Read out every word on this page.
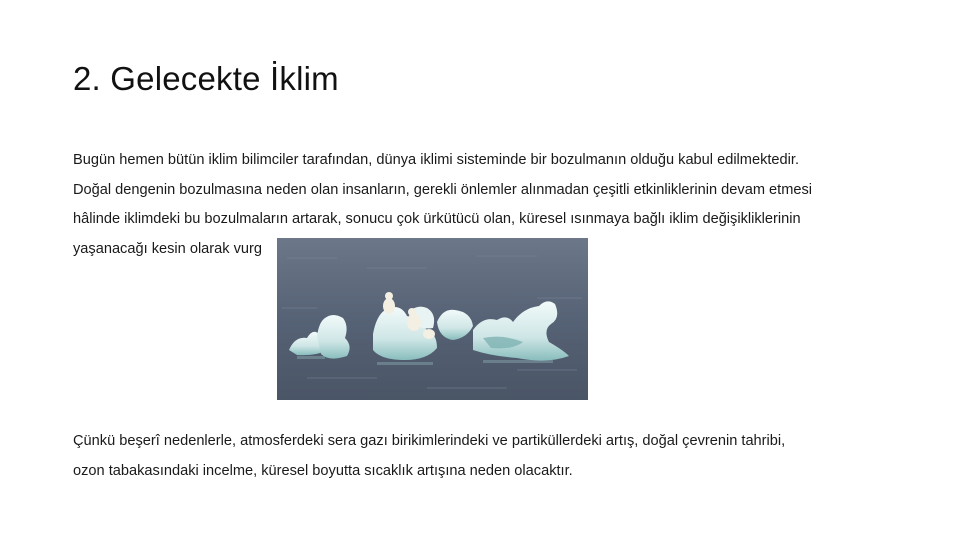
2. Gelecekte İklim
Bugün hemen bütün iklim bilimciler tarafından, dünya iklimi sisteminde bir bozulmanın olduğu kabul edilmektedir.
Doğal dengenin bozulmasına neden olan insanların, gerekli önlemler alınmadan çeşitli etkinliklerinin devam etmesi
hâlinde iklimdeki bu bozulmaların artarak, sonucu çok ürkütücü olan, küresel ısınmaya bağlı iklim değişikliklerinin
yaşanacağı kesin olarak vurg
Çünkü beşerî nedenlerle, atmosferdeki sera gazı birikimlerindeki ve partiküllerdeki artış, doğal çevrenin tahribi,
ozon tabakasındaki incelme, küresel boyutta sıcaklık artışına neden olacaktır.
